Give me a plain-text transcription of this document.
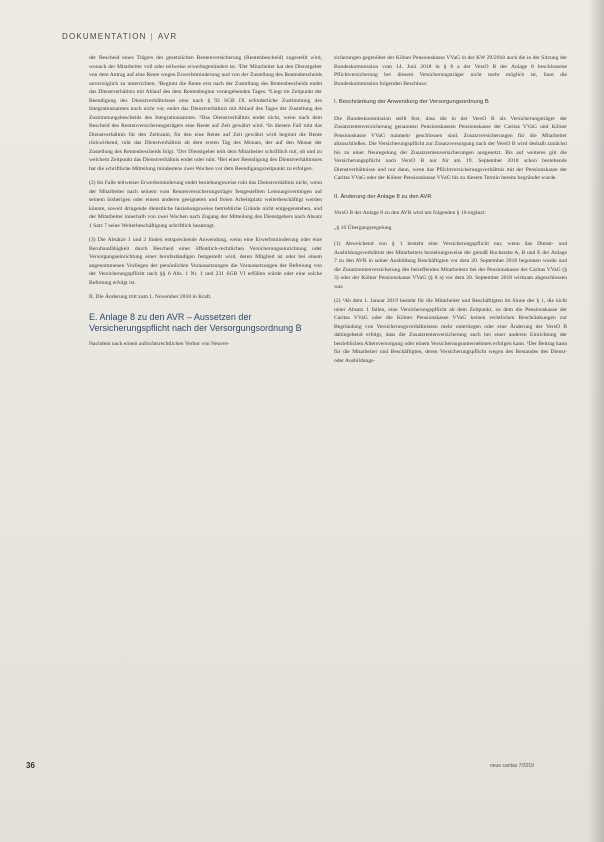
DOKUMENTATION | AVR

der Bescheid eines Trägers der gesetzlichen Rentenversicherung (Rentenbescheid) zugestellt wird, wonach der Mitarbeiter voll oder teilweise erwerbsgemindert ist. ²Der Mitarbeiter hat den Dienstgeber von dem Antrag auf eine Rente wegen Erwerbsminderung und von der Zustellung des Rentenbescheids unverzüglich zu unterrichten. ³Beginnt die Rente erst nach der Zustellung des Rentenbescheids endet das Dienstverhältnis mit Ablauf des dem Rentenbeginn vorangehenden Tages. ⁴Liegt im Zeitpunkt der Beendigung des Dienstverhältnisses eine nach § 92 SGB IX erforderliche Zustimmung des Integrationsamtes noch nicht vor, endet das Dienstverhältnis mit Ablauf des Tages der Zustellung des Zustimmungsbescheids des Integrationsamtes. ⁵Das Dienstverhältnis endet nicht, wenn nach dem Bescheid des Rentenversicherungsträgers eine Rente auf Zeit gewährt wird. ⁶In diesem Fall ruht das Dienstverhältnis für den Zeitraum, für den eine Rente auf Zeit gewährt wird beginnt die Rente rückwirkend, ruht das Dienstverhältnis ab dem ersten Tag des Monats, der auf den Monat der Zustellung des Rentenbescheids folgt. ⁷Der Dienstgeber teilt dem Mitarbeiter schriftlich mit, ob und zu welchem Zeitpunkt das Dienstverhältnis endet oder ruht. ⁸Bei einer Beendigung des Dienstverhältnisses hat die schriftliche Mitteilung mindestens zwei Wochen vor dem Beendigungszeitpunkt zu erfolgen.

(2) Im Falle teilweiser Erwerbsminderung endet beziehungsweise ruht das Dienstverhältnis nicht, wenn der Mitarbeiter nach seinem vom Rentenversicherungsträger festgestellten Leistungsvermögen auf seinem bisherigen oder einem anderen geeigneten und freien Arbeitsplatz weiterbeschäftigt werden könnte, soweit dringende dienstliche beziehungsweise betriebliche Gründe nicht entgegenstehen, und der Mitarbeiter innerhalb von zwei Wochen nach Zugang der Mitteilung des Dienstgebers nach Absatz 1 Satz 7 seine Weiterbeschäftigung schriftlich beantragt.

(3) Die Absätze 1 und 2 finden entsprechende Anwendung, wenn eine Erwerbsminderung oder eine Berufsunfähigkeit durch Bescheid einer öffentlich-rechtlichen Versicherungseinrichtung oder Versorgungseinrichtung einer berufsständigen festgestellt wird, deren Mitglied ist oder bei einem angenommenen Vorliegen der persönlichen Voraussetzungen die Voraussetzungen der Befreiung von der Versicherungspflicht nach §§ 6 Abs. 1 Nr. 1 und 231 SGB VI erfüllen würde oder eine solche Befreiung erfolgt ist.

II. Die Änderung tritt zum 1. November 2018 in Kraft.

E. Anlage 8 zu den AVR – Aussetzen der Versicherungspflicht nach der Versorgungsordnung B

Nachdem nach einem aufsichtsrechtlichen Verbot von Neuver-

sicherungen gegenüber der Kölner Pensionskasse VVaG in der KW 29/2018 auch die in der Sitzung der Bundeskommission vom 14. Juni 2018 in § 8 a der VersO B der Anlage 8 beschlossene Pflichtversicherung bei diesem Versicherungsträger nicht mehr möglich ist, fasst die Bundeskommission folgenden Beschluss:

I. Beschränkung der Anwendung der Versorgungsordnung B

Die Bundeskommission stellt fest, dass die in der VersO B als Versicherungsträger der Zusatzrentenversicherung genannten Pensionskassen Pensionskasse der Caritas VVaG und Kölner Pensionskasse VVaG nunmehr geschlossen sind. Zusatzversicherungen für die Mitarbeiter abzuschließen. Die Versicherungspflicht zur Zusatzversorgung nach der VersO B wird deshalb zunächst bis zu einer Neuregelung der Zusatzrentenversicherungen ausgesetzt. Bis auf weiteres gilt die Versicherungspflicht nach VersO B nur für am 19. September 2018 schon bestehende Dienstverhältnisse und nur dann, wenn das Pflichtversicherungsverhältnis mit der Pensionskasse der Caritas VVaG oder der Kölner Pensionskasse VVaG bis zu diesem Termin bereits begründet wurde.

II. Änderung der Anlage 8 zu den AVR

VersO B der Anlage 8 zu den AVR wird um folgenden § 10 ergänzt:

„§ 10 Übergangsregelung

(1) Abweichend von § 1 besteht eine Versicherungspflicht nur, wenn das Dienst- und Ausbildungsverhältnis des Mitarbeiters beziehungsweise der gemäß Buchstabe A, B und E der Anlage 7 zu den AVR in seiner Ausbildung Beschäftigten vor dem 20. September 2018 begonnen wurde und die Zusatzrentenversicherung des betreffenden Mitarbeiters bei der Pensionskasse der Caritas VVaG (§ 3) oder der Kölner Pensionskasse VVaG (§ 8 a) vor dem 20. September 2018 wirksam abgeschlossen war.

(2) ¹Ab dem 1. Januar 2019 besteht für die Mitarbeiter und Beschäftigten im Sinne des § 1, die nicht unter Absatz 1 fallen, eine Versicherungspflicht ab dem Zeitpunkt, zu dem die Pensionskasse der Caritas VVaG oder die Kölner Pensionskasse VVaG keinen rechtlichen Beschränkungen zur Begründung von Versicherungsverhältnissen mehr unterliegen oder eine Änderung der VersO B dahingehend erfolgt, dass die Zusatzrentenversicherung auch bei einer anderen Einrichtung der betrieblichen Altersversorgung oder einem Versicherungsunternehmen erfolgen kann. ²Der Beitrag kann für die Mitarbeiter und Beschäftigten, deren Versicherungspflicht wegen des Bestandes des Dienst- oder Ausbildungs-

36	neue caritas 7/2019
